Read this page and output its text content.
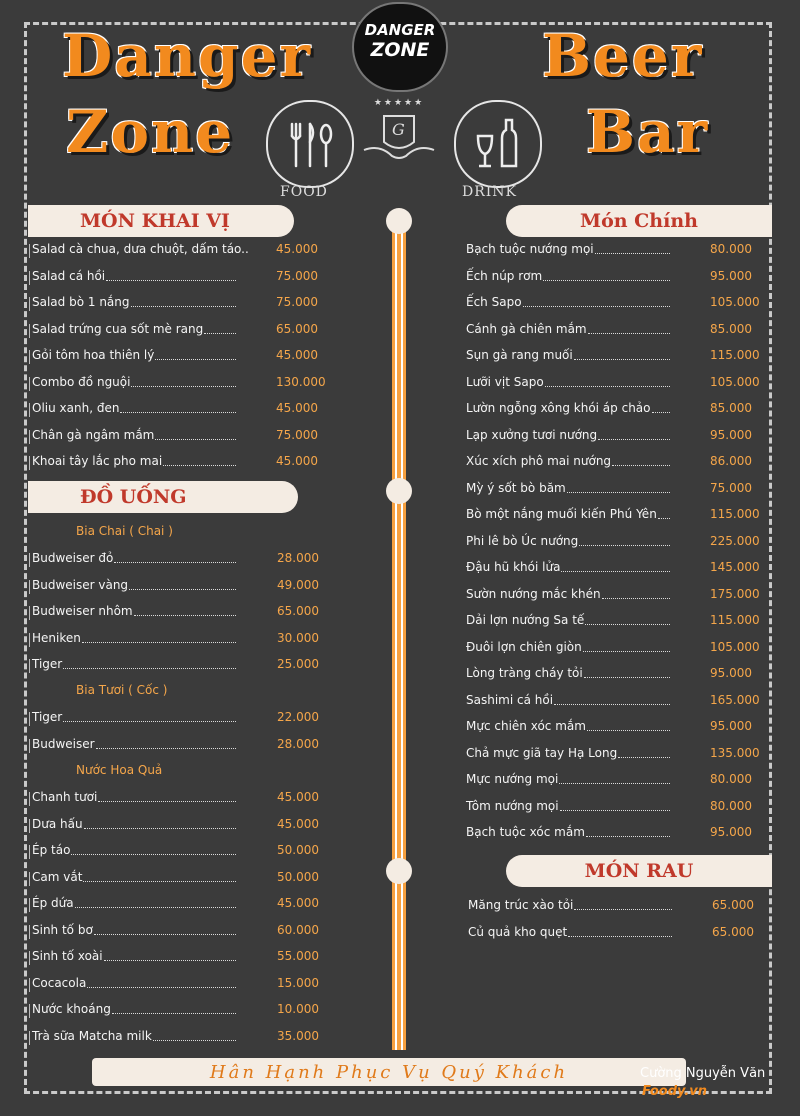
Danger
Zone
Beer
Bar
DANGER
ZONE
FOOD	DRINK
★★★★★
G
MÓN KHAI VỊ
ĐỒ UỐNG
Món Chính
MÓN RAU
Salad cà chua, dưa chuột, dấm táo.. 45.000
Salad cá hồi	75.000
Salad bò 1 nắng	75.000
Salad trứng cua sốt mè rang	65.000
Gỏi tôm hoa thiên lý	45.000
Combo đồ nguội	130.000
Oliu xanh, đen	45.000
Chân gà ngâm mắm	75.000
Khoai tây lắc pho mai	45.000
Bia Chai ( Chai )
Budweiser đỏ	28.000
Budweiser vàng	49.000
Budweiser nhôm	65.000
Heniken	30.000
Tiger	25.000
Bia Tươi ( Cốc )
Tiger	22.000
Budweiser	28.000
Nước Hoa Quả
Chanh tươi	45.000
Dưa hấu	45.000
Ép táo	50.000
Cam vắt	50.000
Ép dứa	45.000
Sinh tố bơ	60.000
Sinh tố xoài	55.000
Cocacola	15.000
Nước khoáng	10.000
Trà sữa Matcha milk	35.000
Bạch tuộc nướng mọi	80.000
Ếch núp rơm	95.000
Ếch Sapo	105.000
Cánh gà chiên mắm	85.000
Sụn gà rang muối	115.000
Lưỡi vịt Sapo	105.000
Lườn ngỗng xông khói áp chảo	85.000
Lạp xưởng tươi nướng	95.000
Xúc xích phô mai nướng	86.000
Mỳ ý sốt bò băm	75.000
Bò một nắng muối kiến Phú Yên	115.000
Phi lê bò Úc nướng	225.000
Đậu hũ khói lửa	145.000
Sườn nướng mắc khén	175.000
Dải lợn nướng Sa tế	115.000
Đuôi lợn chiên giòn	105.000
Lòng tràng cháy tỏi	95.000
Sashimi cá hồi	165.000
Mực chiên xóc mắm	95.000
Chả mực giã tay Hạ Long	135.000
Mực nướng mọi	80.000
Tôm nướng mọi	80.000
Bạch tuộc xóc mắm	95.000
Măng trúc xào tỏi	65.000
Củ quả kho quẹt	65.000
Hân Hạnh Phục Vụ Quý Khách	Cường Nguyễn Văn
Foody.vn
